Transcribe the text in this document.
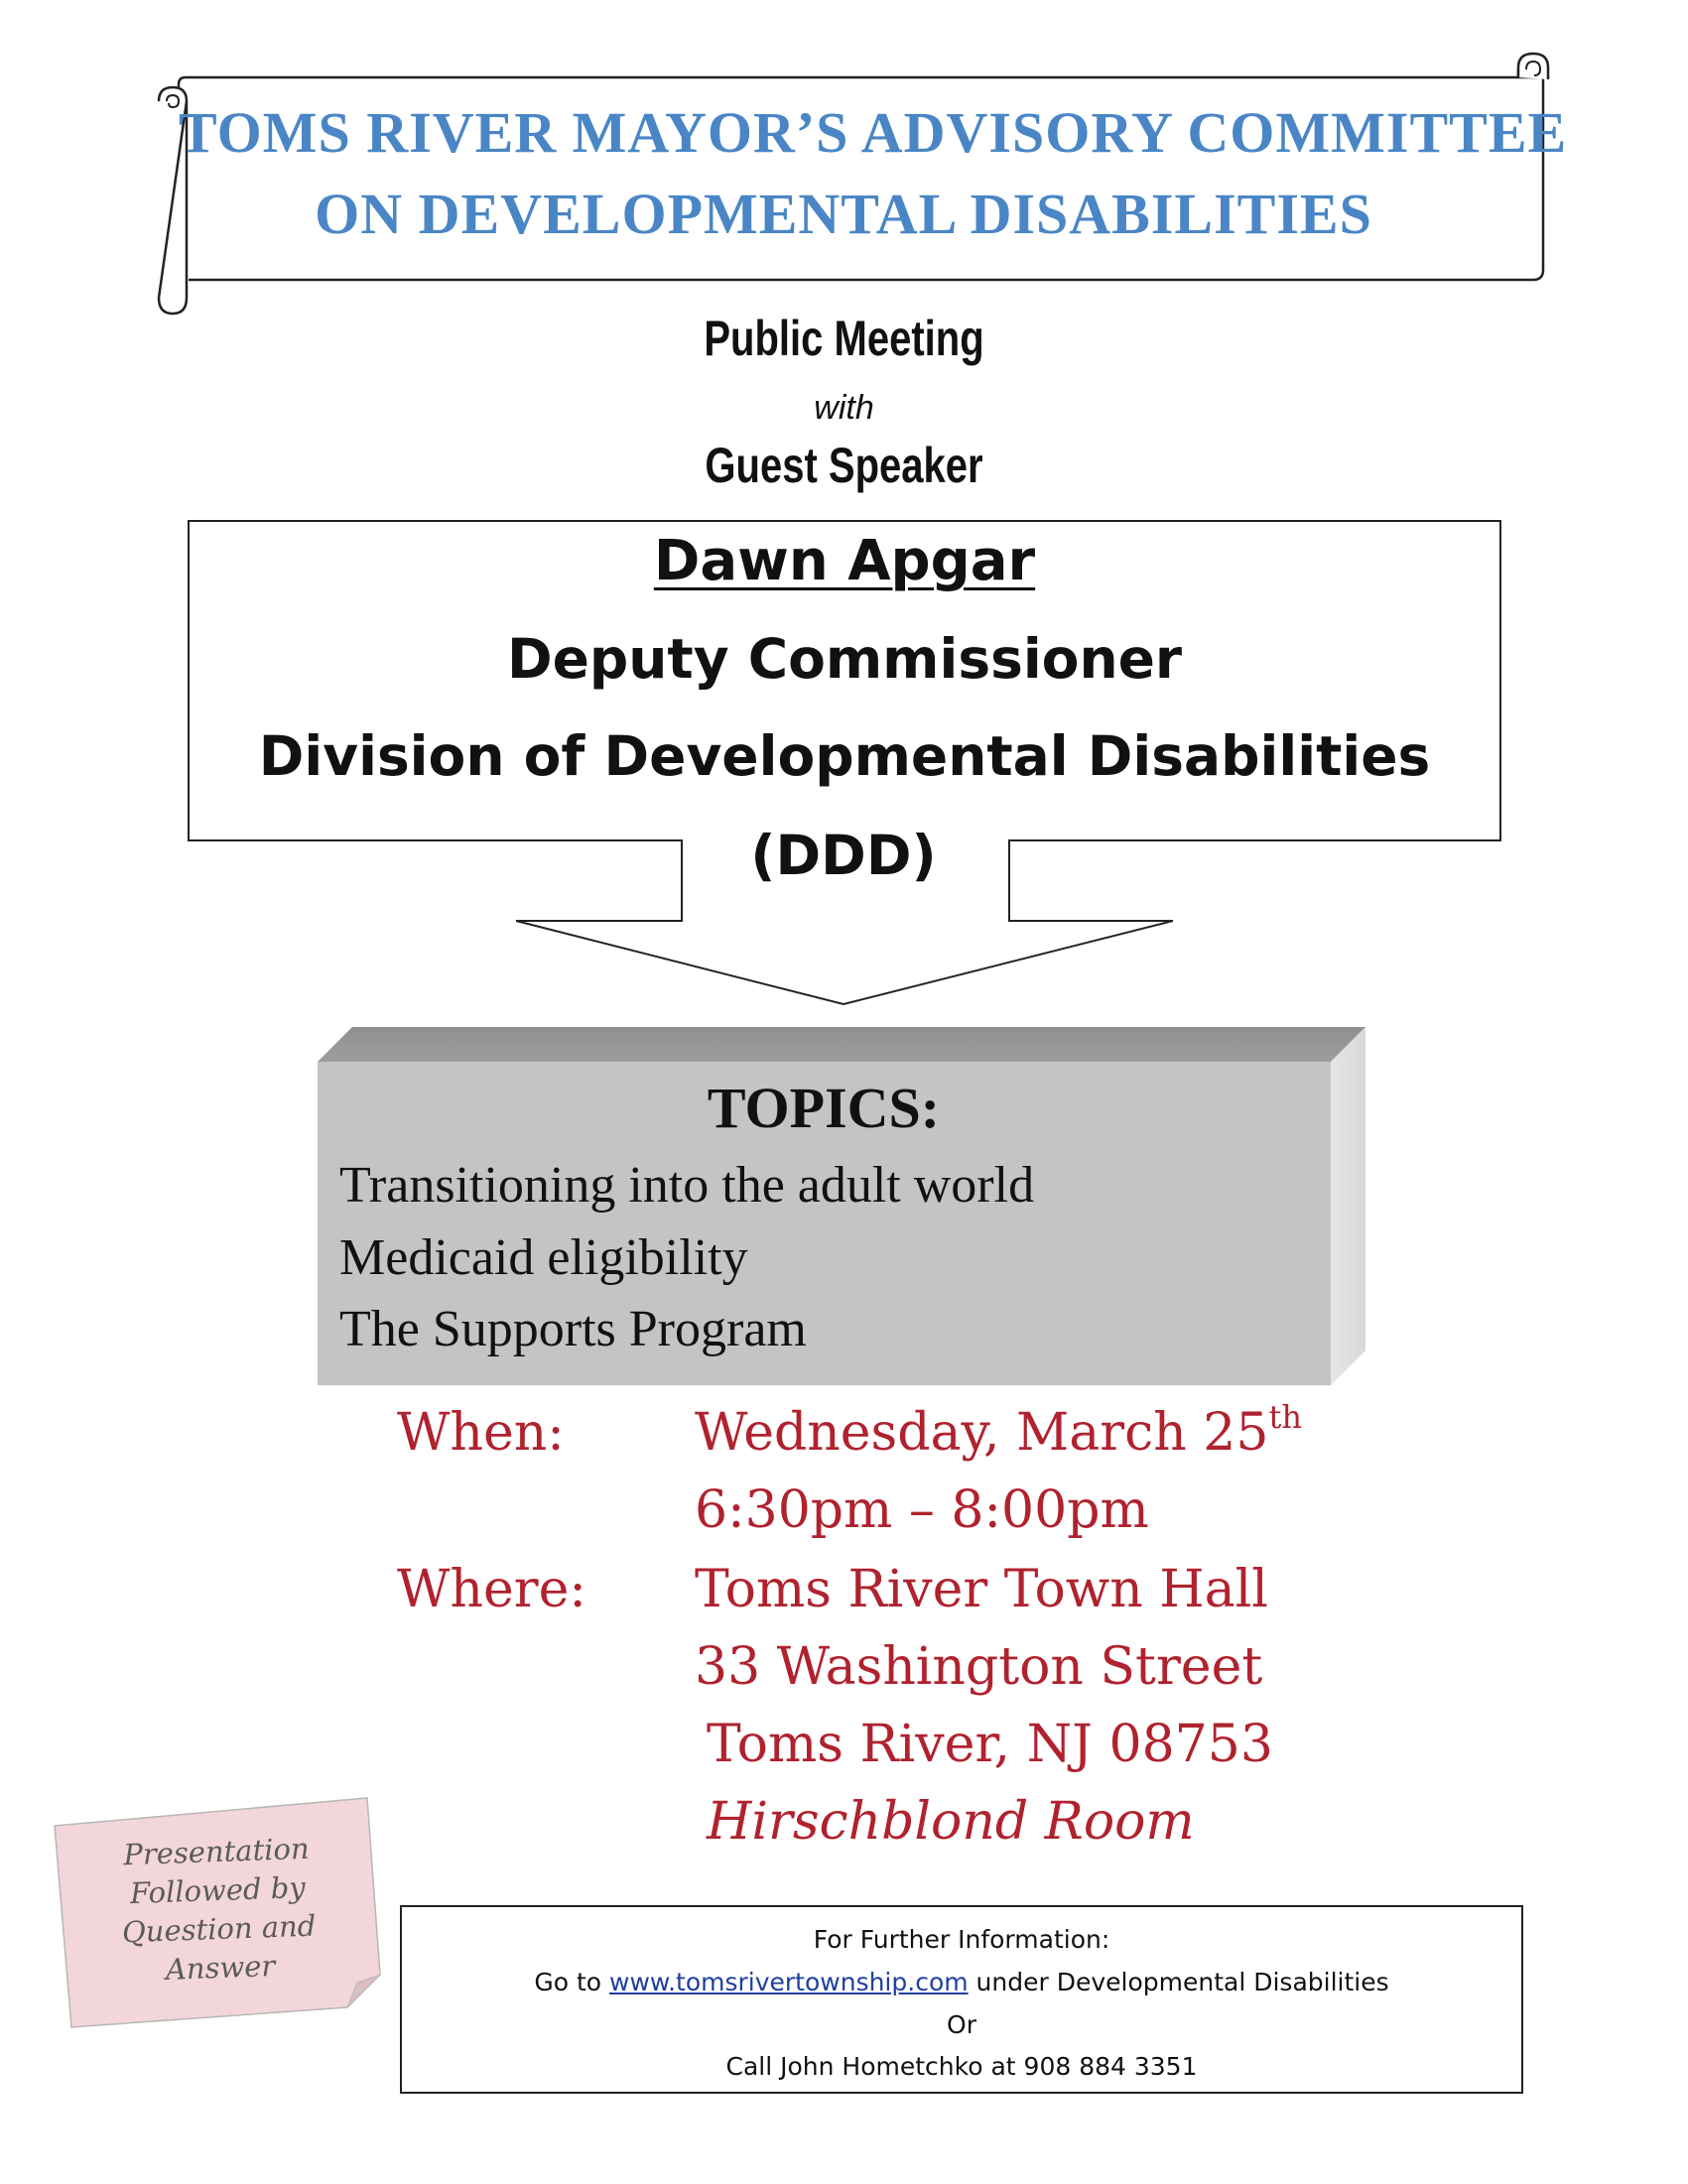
TOMS RIVER MAYOR’S ADVISORY COMMITTEE
ON DEVELOPMENTAL DISABILITIES
Public Meeting
with
Guest Speaker
Dawn Apgar
Deputy Commissioner
Division of Developmental Disabilities
(DDD)
TOPICS:
Transitioning into the adult world
Medicaid eligibility
The Supports Program
When:	Wednesday, March 25th
6:30pm – 8:00pm
Where: Toms River Town Hall
33 Washington Street
Toms River, NJ 08753
Hirschblond Room
Presentation
Followed by
Question and
Answer
For Further Information:
Go to www.tomsrivertownship.com under Developmental Disabilities
Or
Call John Hometchko at 908 884 3351
